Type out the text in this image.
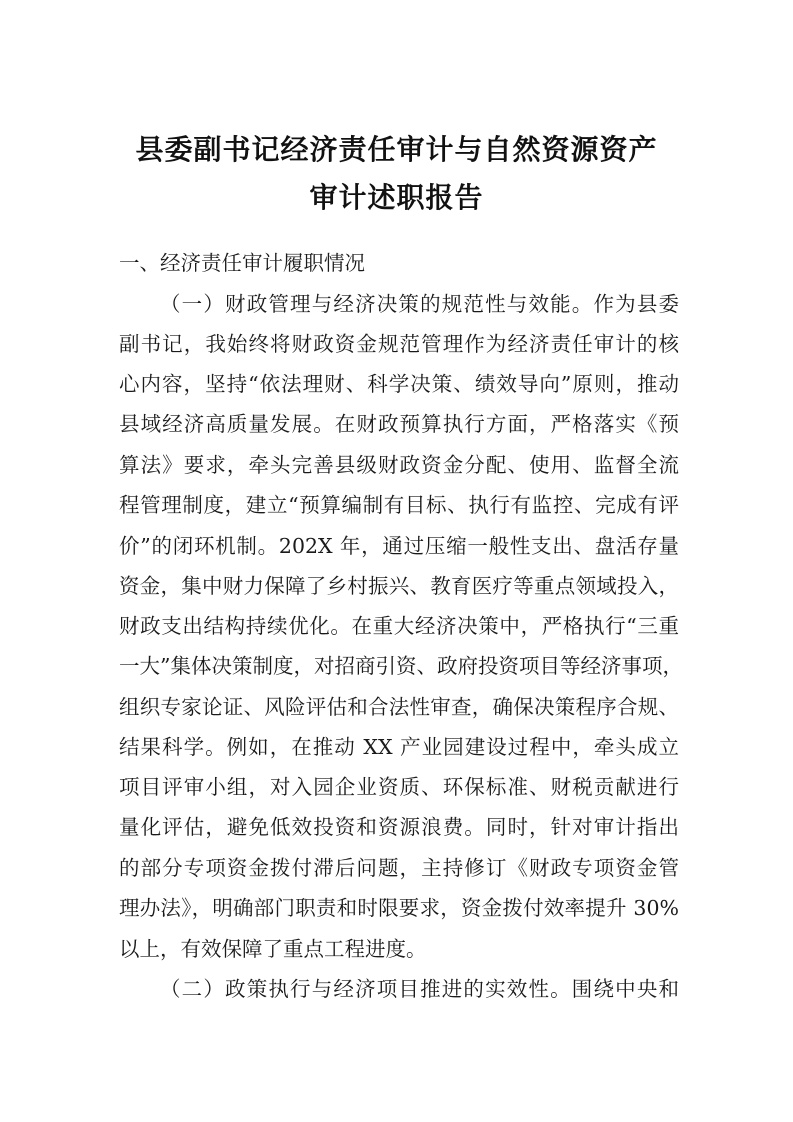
县委副书记经济责任审计与自然资源资产
审计述职报告
一、经济责任审计履职情况
（一）财政管理与经济决策的规范性与效能。作为县委
副书记，我始终将财政资金规范管理作为经济责任审计的核
心内容，坚持“依法理财、科学决策、绩效导向”原则，推动
县域经济高质量发展。在财政预算执行方面，严格落实《预
算法》要求，牵头完善县级财政资金分配、使用、监督全流
程管理制度，建立“预算编制有目标、执行有监控、完成有评
价”的闭环机制。202X 年，通过压缩一般性支出、盘活存量
资金，集中财力保障了乡村振兴、教育医疗等重点领域投入，
财政支出结构持续优化。在重大经济决策中，严格执行“三重
一大”集体决策制度，对招商引资、政府投资项目等经济事项，
组织专家论证、风险评估和合法性审查，确保决策程序合规、
结果科学。例如，在推动 XX 产业园建设过程中，牵头成立
项目评审小组，对入园企业资质、环保标准、财税贡献进行
量化评估，避免低效投资和资源浪费。同时，针对审计指出
的部分专项资金拨付滞后问题，主持修订《财政专项资金管
理办法》，明确部门职责和时限要求，资金拨付效率提升 30%
以上，有效保障了重点工程进度。
（二）政策执行与经济项目推进的实效性。围绕中央和
